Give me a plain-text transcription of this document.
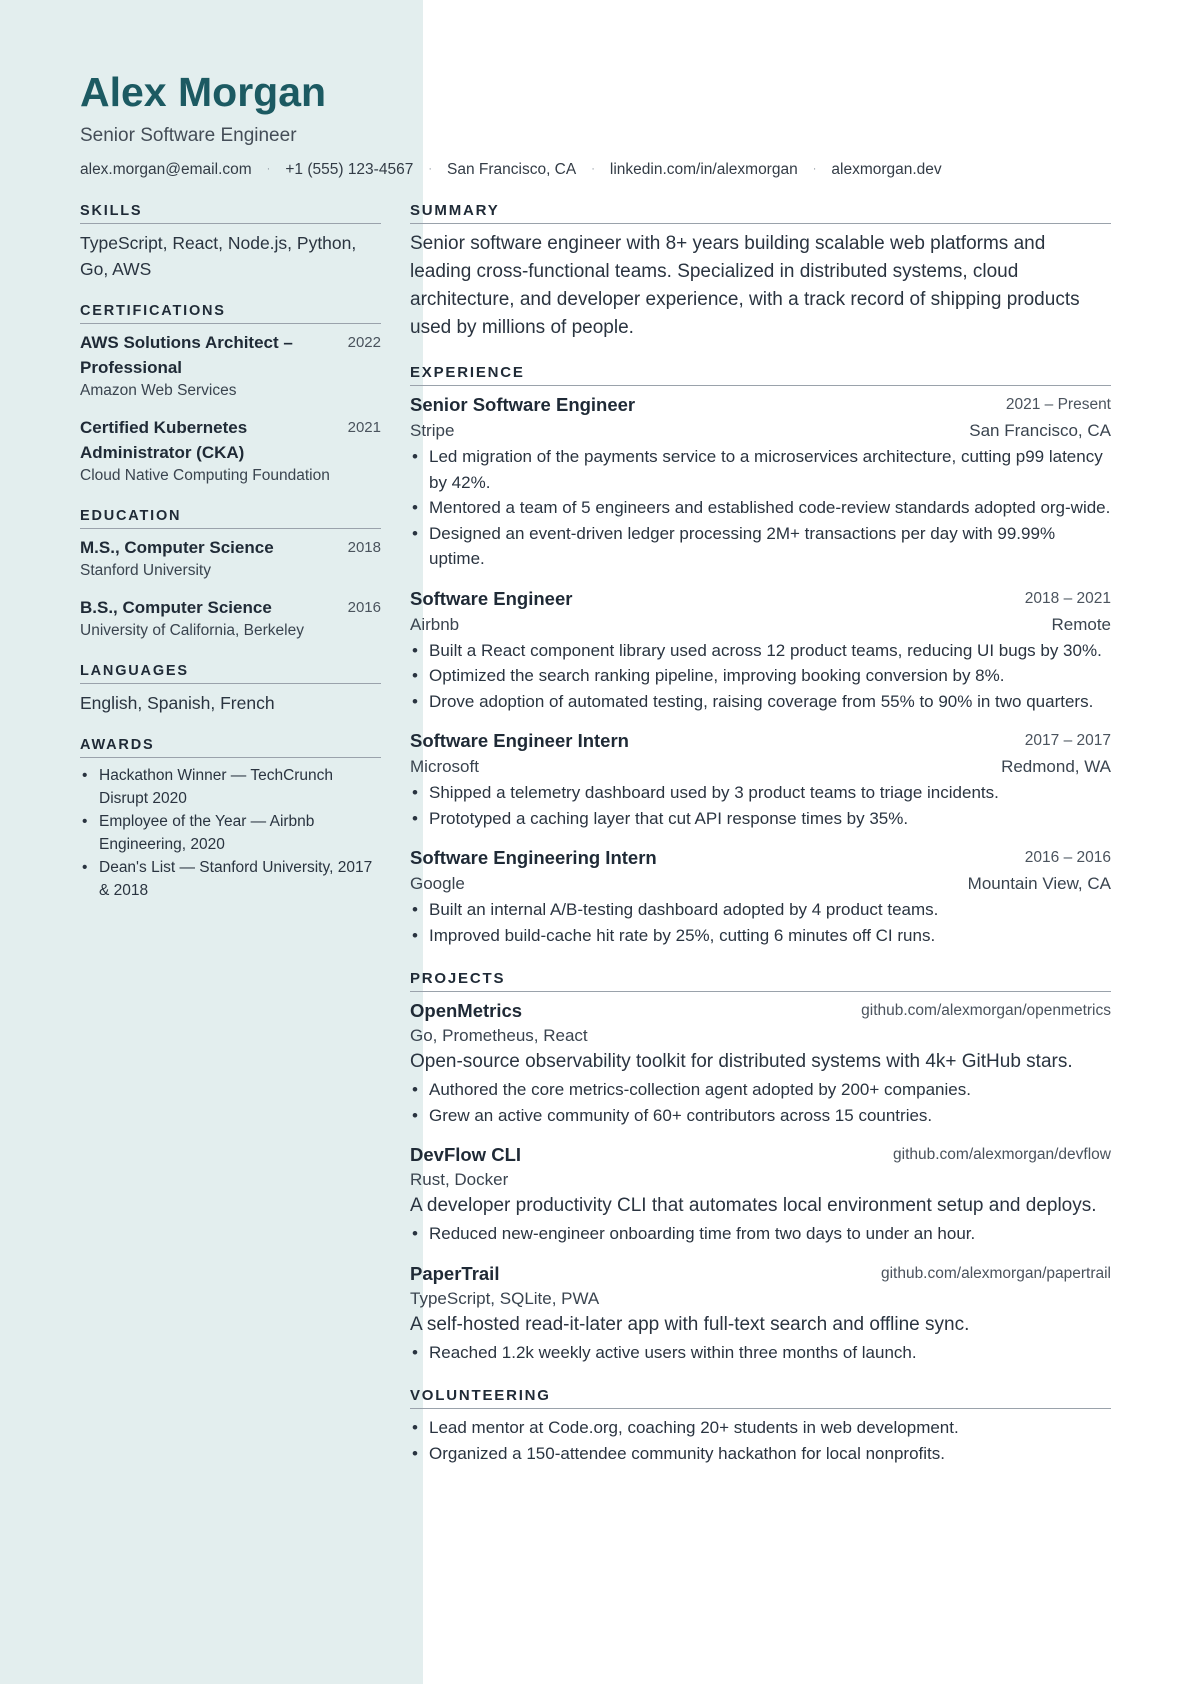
Alex Morgan
Senior Software Engineer
alex.morgan@email.com · +1 (555) 123-4567 · San Francisco, CA · linkedin.com/in/alexmorgan · alexmorgan.dev
SKILLS
TypeScript, React, Node.js, Python, Go, AWS
CERTIFICATIONS
AWS Solutions Architect – Professional
2022
Amazon Web Services
Certified Kubernetes Administrator (CKA)
2021
Cloud Native Computing Foundation
EDUCATION
M.S., Computer Science	2018
Stanford University
B.S., Computer Science	2016
University of California, Berkeley
LANGUAGES
English, Spanish, French
AWARDS
• Hackathon Winner — TechCrunch Disrupt 2020
• Employee of the Year — Airbnb Engineering, 2020
• Dean's List — Stanford University, 2017 & 2018
SUMMARY
Senior software engineer with 8+ years building scalable web platforms and leading cross-functional teams. Specialized in distributed systems, cloud architecture, and developer experience, with a track record of shipping products used by millions of people.
EXPERIENCE
Senior Software Engineer	2021 – Present
Stripe	San Francisco, CA
• Led migration of the payments service to a microservices architecture, cutting p99 latency by 42%.
• Mentored a team of 5 engineers and established code-review standards adopted org-wide.
• Designed an event-driven ledger processing 2M+ transactions per day with 99.99% uptime.
Software Engineer	2018 – 2021
Airbnb	Remote
• Built a React component library used across 12 product teams, reducing UI bugs by 30%.
• Optimized the search ranking pipeline, improving booking conversion by 8%.
• Drove adoption of automated testing, raising coverage from 55% to 90% in two quarters.
Software Engineer Intern	2017 – 2017
Microsoft	Redmond, WA
• Shipped a telemetry dashboard used by 3 product teams to triage incidents.
• Prototyped a caching layer that cut API response times by 35%.
Software Engineering Intern	2016 – 2016
Google	Mountain View, CA
• Built an internal A/B-testing dashboard adopted by 4 product teams.
• Improved build-cache hit rate by 25%, cutting 6 minutes off CI runs.
PROJECTS
OpenMetrics	github.com/alexmorgan/openmetrics
Go, Prometheus, React
Open-source observability toolkit for distributed systems with 4k+ GitHub stars.
• Authored the core metrics-collection agent adopted by 200+ companies.
• Grew an active community of 60+ contributors across 15 countries.
DevFlow CLI	github.com/alexmorgan/devflow
Rust, Docker
A developer productivity CLI that automates local environment setup and deploys.
• Reduced new-engineer onboarding time from two days to under an hour.
PaperTrail	github.com/alexmorgan/papertrail
TypeScript, SQLite, PWA
A self-hosted read-it-later app with full-text search and offline sync.
• Reached 1.2k weekly active users within three months of launch.
VOLUNTEERING
• Lead mentor at Code.org, coaching 20+ students in web development.
• Organized a 150-attendee community hackathon for local nonprofits.
